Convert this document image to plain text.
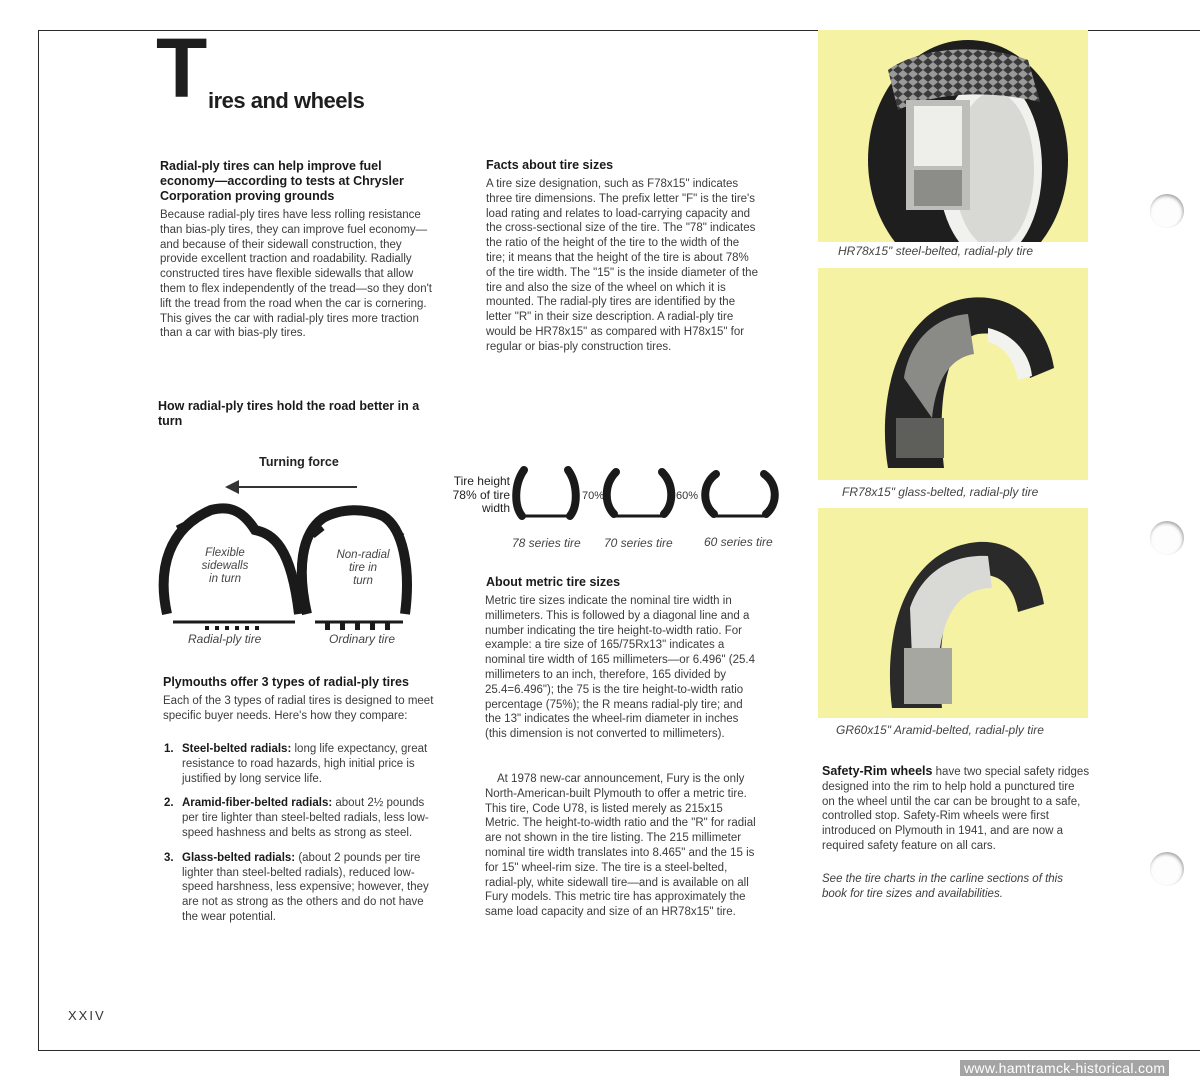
T ires and wheels
Radial-ply tires can help improve fuel economy—according to tests at Chrysler Corporation proving grounds

Because radial-ply tires have less rolling resistance than bias-ply tires, they can improve fuel economy—and because of their sidewall construction, they provide excellent traction and roadability. Radially constructed tires have flexible sidewalls that allow them to flex independently of the tread—so they don't lift the tread from the road when the car is cornering. This gives the car with radial-ply tires more traction than a car with bias-ply tires.

How radial-ply tires hold the road better in a turn
Turning force
Flexible sidewalls in turn
Non-radial tire in turn
Radial-ply tire	Ordinary tire
Plymouths offer 3 types of radial-ply tires

Each of the 3 types of radial tires is designed to meet specific buyer needs. Here's how they compare:

1. Steel-belted radials: long life expectancy, great resistance to road hazards, high initial price is justified by long service life.
2. Aramid-fiber-belted radials: about 2½ pounds per tire lighter than steel-belted radials, less low-speed hashness and belts as strong as steel.
3. Glass-belted radials: (about 2 pounds per tire lighter than steel-belted radials), reduced low-speed harshness, less expensive; however, they are not as strong as the others and do not have the wear potential.
Facts about tire sizes

A tire size designation, such as F78x15" indicates three tire dimensions. The prefix letter "F" is the tire's load rating and relates to load-carrying capacity and the cross-sectional size of the tire. The "78" indicates the ratio of the height of the tire to the width of the tire; it means that the height of the tire is about 78% of the tire width. The "15" is the inside diameter of the tire and also the size of the wheel on which it is mounted. The radial-ply tires are identified by the letter "R" in their size description. A radial-ply tire would be HR78x15" as compared with H78x15" for regular or bias-ply construction tires.

Tire height 78% of tire width
70%	60%
78 series tire 70 series tire	60 series tire
About metric tire sizes

Metric tire sizes indicate the nominal tire width in millimeters. This is followed by a diagonal line and a number indicating the tire height-to-width ratio. For example: a tire size of 165/75Rx13" indicates a nominal tire width of 165 millimeters—or 6.496" (25.4 millimeters to an inch, therefore, 165 divided by 25.4=6.496"); the 75 is the tire height-to-width ratio percentage (75%); the R means radial-ply tire; and the 13" indicates the wheel-rim diameter in inches (this dimension is not converted to millimeters).

At 1978 new-car announcement, Fury is the only North-American-built Plymouth to offer a metric tire. This tire, Code U78, is listed merely as 215x15 Metric. The height-to-width ratio and the "R" for radial are not shown in the tire listing. The 215 millimeter nominal tire width translates into 8.465" and the 15 is for 15" wheel-rim size. The tire is a steel-belted, radial-ply, white sidewall tire—and is available on all Fury models. This metric tire has approximately the same load capacity and size of an HR78x15" tire.

HR78x15" steel-belted, radial-ply tire
FR78x15" glass-belted, radial-ply tire
GR60x15" Aramid-belted, radial-ply tire

Safety-Rim wheels have two special safety ridges designed into the rim to help hold a punctured tire on the wheel until the car can be brought to a safe, controlled stop. Safety-Rim wheels were first introduced on Plymouth in 1941, and are now a required safety feature on all cars.

See the tire charts in the carline sections of this book for tire sizes and availabilities.

XXIV
www.hamtramck-historical.com
